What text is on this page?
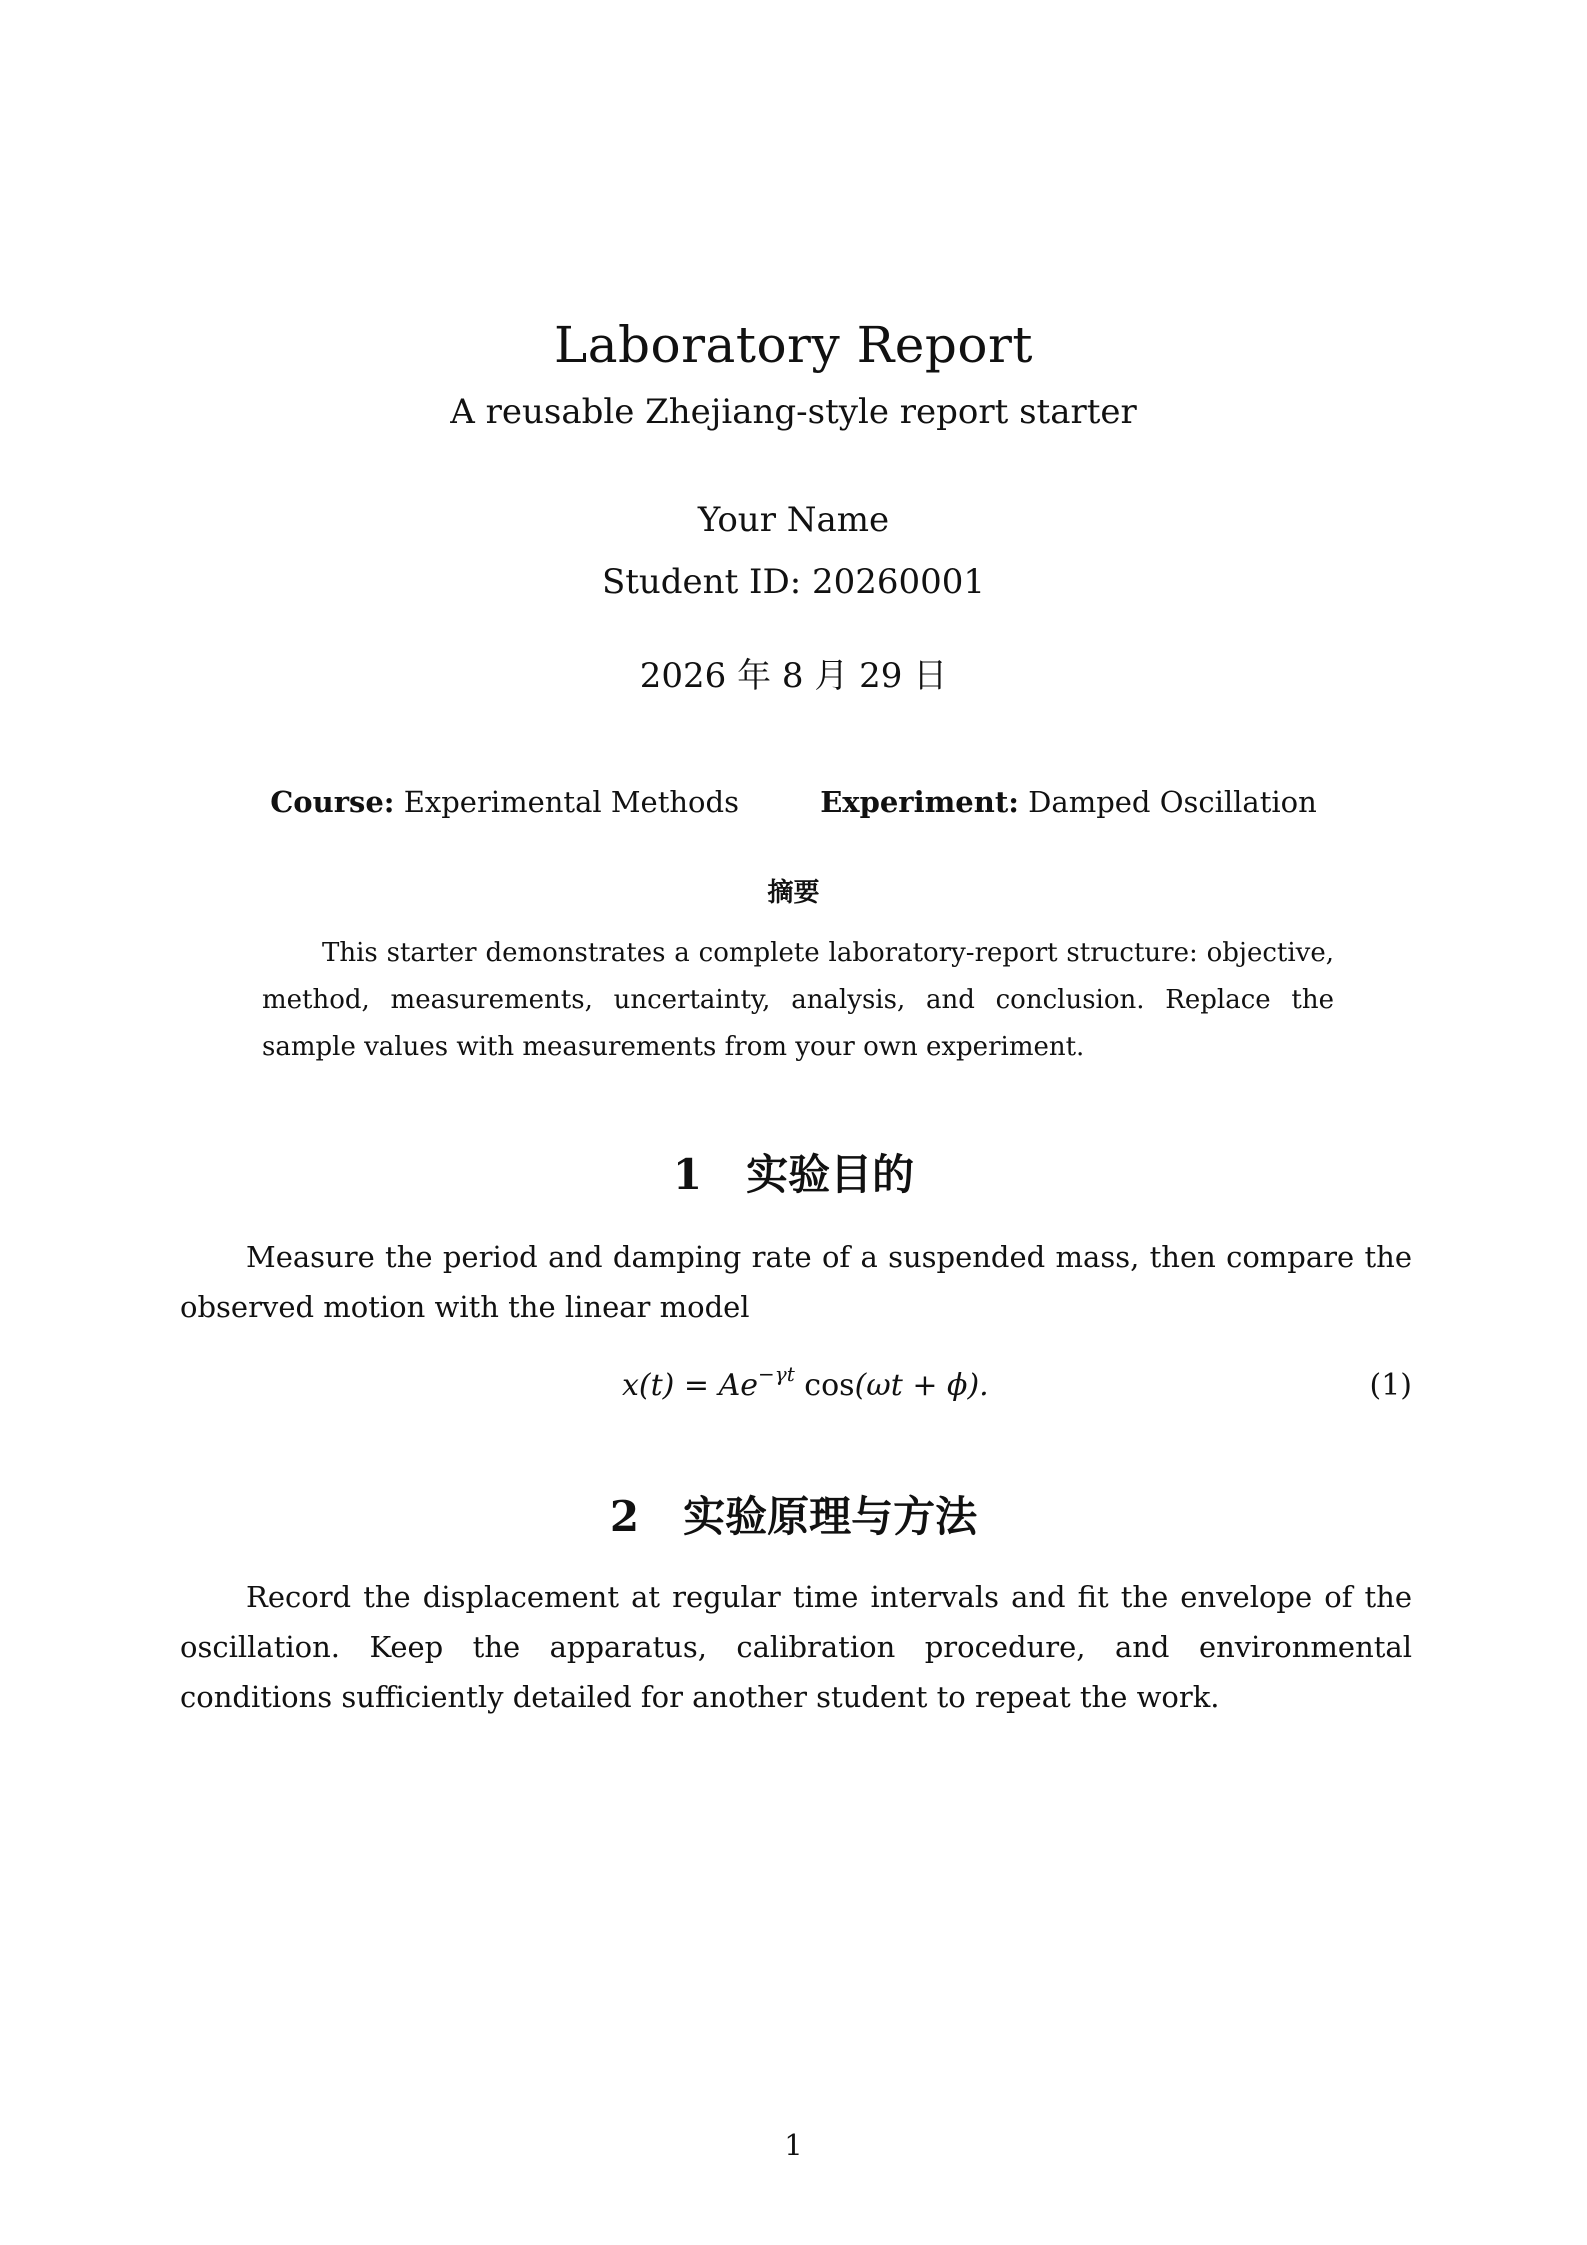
Laboratory Report
A reusable Zhejiang-style report starter
Your Name
Student ID: 20260001
2026 年 8 月 29 日
Course: Experimental Methods	Experiment: Damped Oscillation
摘要
This starter demonstrates a complete laboratory-report structure: objective, method, measurements, uncertainty, analysis, and conclusion. Replace the sample values with measurements from your own experiment.
1 实验目的
Measure the period and damping rate of a suspended mass, then compare the observed motion with the linear model
$x(t) = Ae^{-\gamma t}$ cos(ωt + ϕ).	(1)
2 实验原理与方法
Record the displacement at regular time intervals and fit the envelope of the oscillation. Keep the apparatus, calibration procedure, and environmental conditions sufficiently detailed for another student to repeat the work.
1
